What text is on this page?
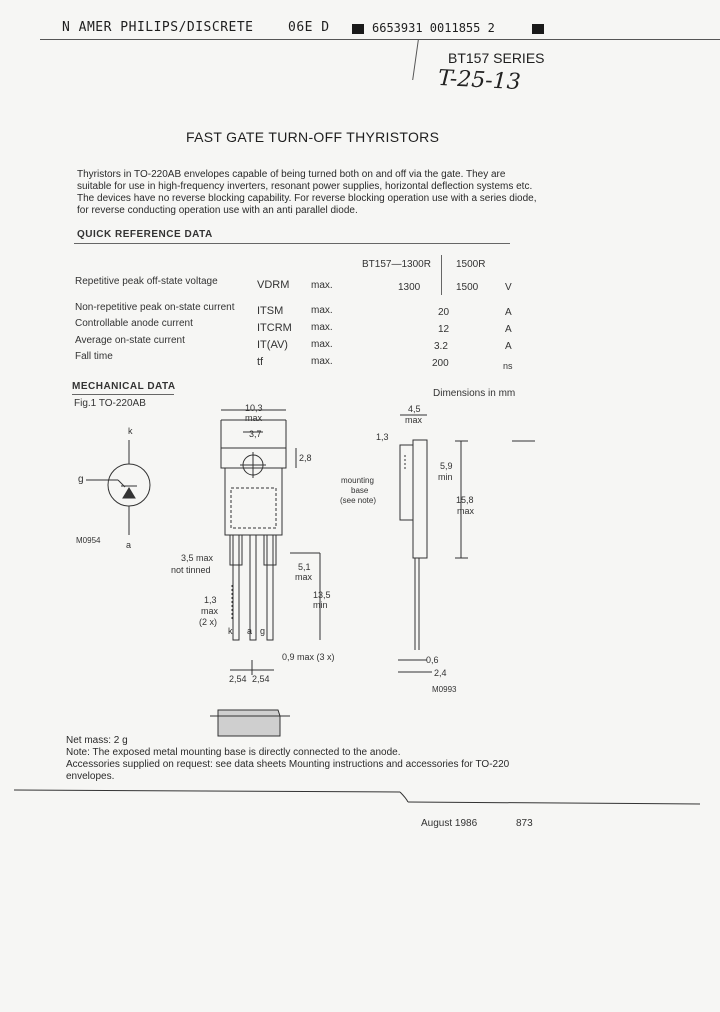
N AMER PHILIPS/DISCRETE	06E D	6653931 0011855 2
BT157 SERIES
T-25-13
FAST GATE TURN-OFF THYRISTORS
Thyristors in TO-220AB envelopes capable of being turned both on and off via the gate. They are
suitable for use in high-frequency inverters, resonant power supplies, horizontal deflection systems etc.
The devices have no reverse blocking capability. For reverse blocking operation use with a series diode,
for reverse conducting operation use with an anti parallel diode.
QUICK REFERENCE DATA
BT157—1300R	1500R
Repetitive peak off-state voltage	VDRM max.	1300	1500	V
Non-repetitive peak on-state current ITSM	max.	20	A
Controllable anode current	ITCRM max.	12	A
Average on-state current	IT(AV) max.	3.2	A
Fall time	tf	max.	200	ns
MECHANICAL DATA
Fig.1 TO-220AB
Dimensions in mm
k
g
a
M0954
10,3
max
3,7
2,8
3,5 max
not tinned	5,1
max
13,5
min
1,3
max
(2 x)
k a g
0,9 max (3 x)
2,54 2,54
4,5
max
1,3
5,9
min
15,8
max
mounting
base
(see note)
0,6
2,4
M0993
Net mass: 2 g
Note: The exposed metal mounting base is directly connected to the anode.
Accessories supplied on request: see data sheets Mounting instructions and accessories for TO-220
envelopes.
August 1986	873
